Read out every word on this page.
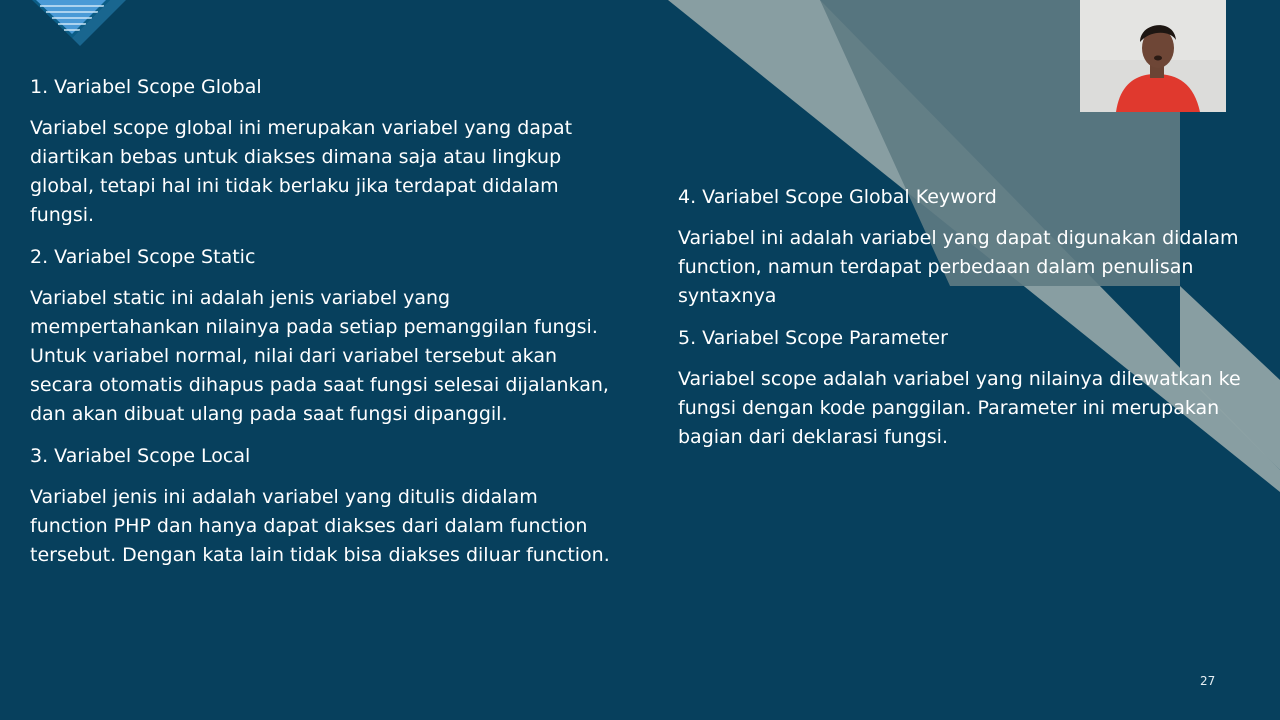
1. Variabel Scope Global

Variabel scope global ini merupakan variabel yang dapat diartikan bebas untuk diakses dimana saja atau lingkup global, tetapi hal ini tidak berlaku jika terdapat didalam fungsi.

2. Variabel Scope Static

Variabel static ini adalah jenis variabel yang mempertahankan nilainya pada setiap pemanggilan fungsi. Untuk variabel normal, nilai dari variabel tersebut akan secara otomatis dihapus pada saat fungsi selesai dijalankan, dan akan dibuat ulang pada saat fungsi dipanggil.

3. Variabel Scope Local

Variabel jenis ini adalah variabel yang ditulis didalam function PHP dan hanya dapat diakses dari dalam function tersebut. Dengan kata lain tidak bisa diakses diluar function.

4. Variabel Scope Global Keyword

Variabel ini adalah variabel yang dapat digunakan didalam function, namun terdapat perbedaan dalam penulisan syntaxnya

5. Variabel Scope Parameter

Variabel scope adalah variabel yang nilainya dilewatkan ke fungsi dengan kode panggilan. Parameter ini merupakan bagian dari deklarasi fungsi.

27
